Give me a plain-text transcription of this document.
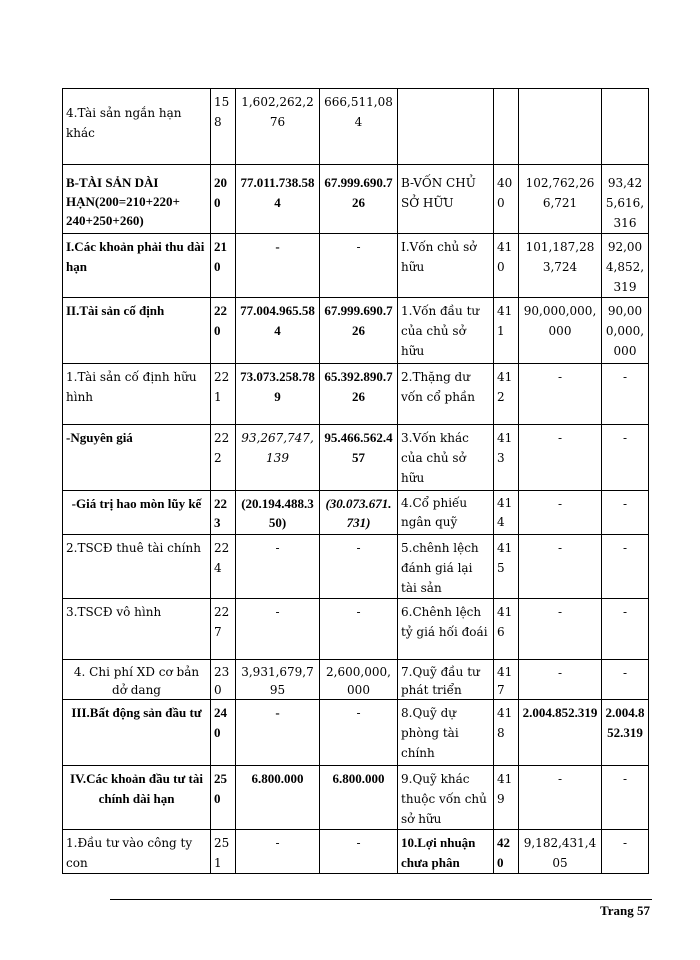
4.Tài sản ngắn hạn khác	158	1,602,262,276	666,511,084				
B-TÀI SẢN DÀI HẠN(200=210+220+ 240+250+260)	200	77.011.738.584	67.999.690.726	B-VỐN CHỦ SỞ HỮU	400	102,762,266,721	93,425,616,316
I.Các khoản phải thu dài hạn	210	-	-	I.Vốn chủ sở hữu	410	101,187,283,724	92,004,852,319
II.Tài sản cố định	220	77.004.965.584	67.999.690.726	1.Vốn đầu tư của chủ sở hữu	411	90,000,000,000	90,000,000,000
1.Tài sản cố định hữu hình	221	73.073.258.789	65.392.890.726	2.Thặng dư vốn cổ phần	412	-	-
-Nguyên giá	222	93,267,747,139	95.466.562.457	3.Vốn khác của chủ sở hữu	413	-	-
-Giá trị hao mòn lũy kế	223	(20.194.488.350)	(30.073.671.731)	4.Cổ phiếu ngân quỹ	414	-	-
2.TSCĐ thuê tài chính	224	-	-	5.chênh lệch đánh giá lại tài sản	415	-	-
3.TSCĐ vô hình	227	-	-	6.Chênh lệch tỷ giá hối đoái	416	-	-
4. Chi phí XD cơ bản dở dang	230	3,931,679,795	2,600,000,000	7.Quỹ đầu tư phát triển	417	-	-
III.Bất động sản đầu tư	240	-	-	8.Quỹ dự phòng tài chính	418	2.004.852.319	2.004.852.319
IV.Các khoản đầu tư tài chính dài hạn	250	6.800.000	6.800.000	9.Quỹ khác thuộc vốn chủ sở hữu	419	-	-
1.Đầu tư vào công ty con	251	-	-	10.Lợi nhuận chưa phân	420	9,182,431,405	-
Trang 57
